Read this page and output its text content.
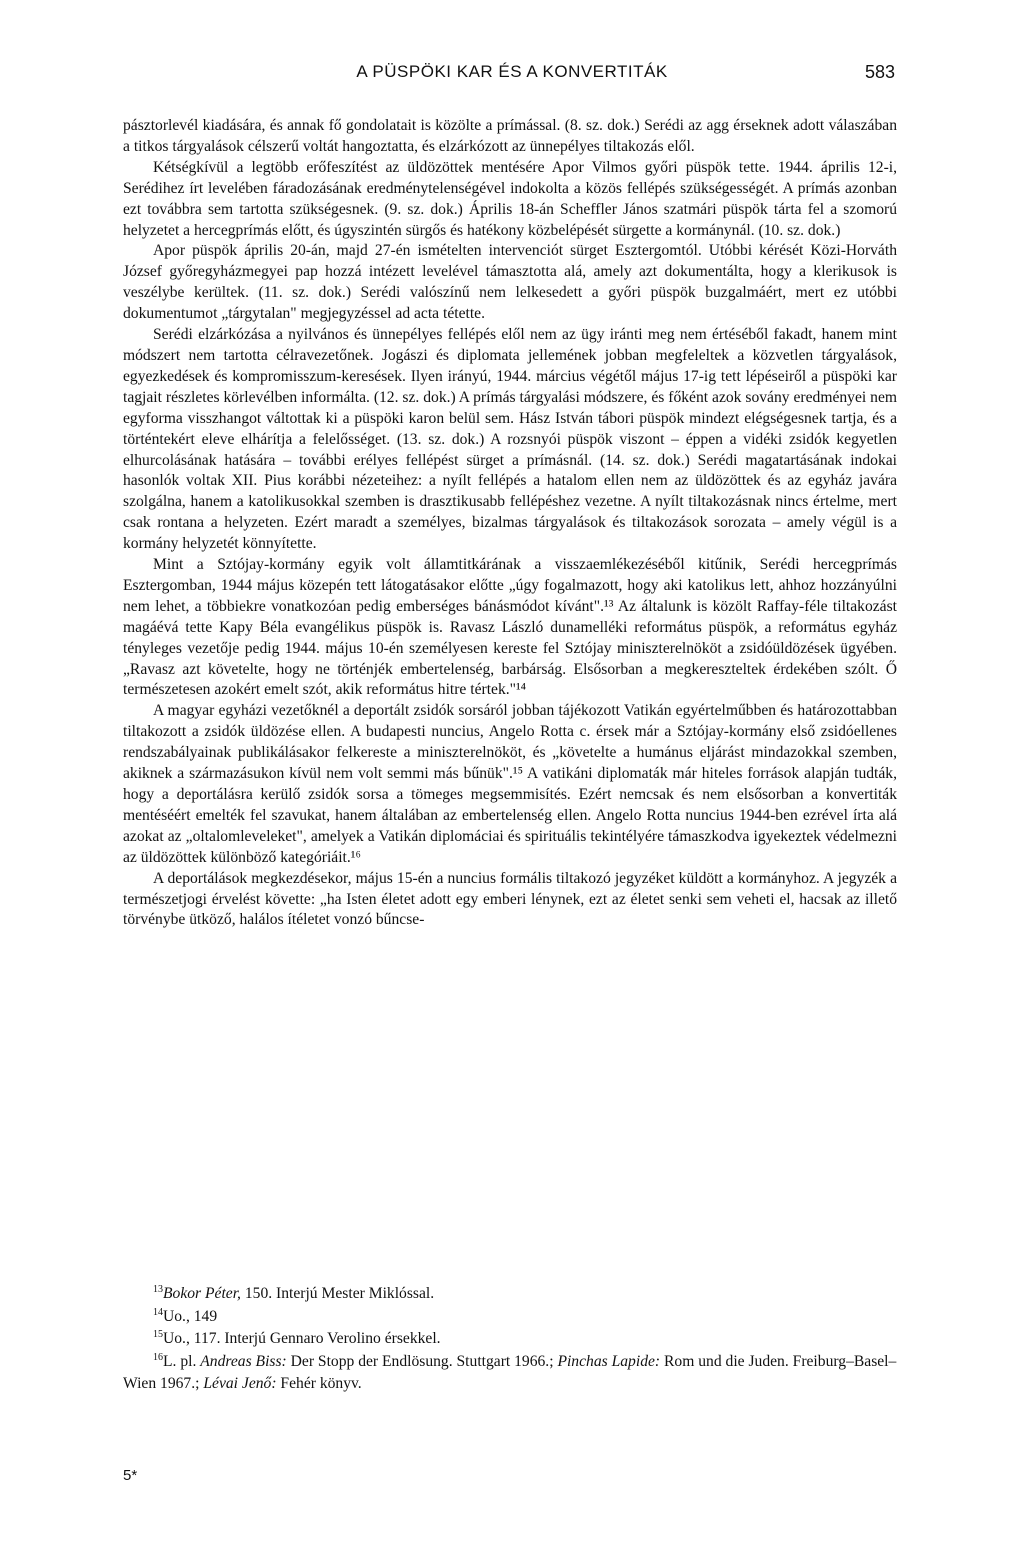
A PÜSPÖKI KAR ÉS A KONVERTITÁK	583

pásztorlevél kiadására, és annak fő gondolatait is közölte a prímással. (8. sz. dok.) Serédi az agg érseknek adott válaszában a titkos tárgyalások célszerű voltát hangoztatta, és elzárkózott az ünnepélyes tiltakozás elől.

Kétségkívül a legtöbb erőfeszítést az üldözöttek mentésére Apor Vilmos győri püspök tette. 1944. április 12-i, Serédihez írt levelében fáradozásának eredménytelenségével indokolta a közös fellépés szükségességét. A prímás azonban ezt továbbra sem tartotta szükségesnek. (9. sz. dok.) Április 18-án Scheffler János szatmári püspök tárta fel a szomorú helyzetet a hercegprímás előtt, és úgyszintén sürgős és hatékony közbelépését sürgette a kormánynál. (10. sz. dok.)

Apor püspök április 20-án, majd 27-én ismételten intervenciót sürget Esztergomtól. Utóbbi kérését Közi-Horváth József győregyházmegyei pap hozzá intézett levelével támasztotta alá, amely azt dokumentálta, hogy a klerikusok is veszélybe kerültek. (11. sz. dok.) Serédi valószínű nem lelkesedett a győri püspök buzgalmáért, mert ez utóbbi dokumentumot „tárgytalan" megjegyzéssel ad acta tétette.

Serédi elzárkózása a nyilvános és ünnepélyes fellépés elől nem az ügy iránti meg nem értéséből fakadt, hanem mint módszert nem tartotta célravezetőnek. Jogászi és diplomata jellemének jobban megfeleltek a közvetlen tárgyalások, egyezkedések és kompromisszum-keresések. Ilyen irányú, 1944. március végétől május 17-ig tett lépéseiről a püspöki kar tagjait részletes körlevélben informálta. (12. sz. dok.) A prímás tárgyalási módszere, és főként azok sovány eredményei nem egyforma visszhangot váltottak ki a püspöki karon belül sem. Hász István tábori püspök mindezt elégségesnek tartja, és a történtekért eleve elhárítja a felelősséget. (13. sz. dok.) A rozsnyói püspök viszont – éppen a vidéki zsidók kegyetlen elhurcolásának hatására – további erélyes fellépést sürget a prímásnál. (14. sz. dok.) Serédi magatartásának indokai hasonlók voltak XII. Pius korábbi nézeteihez: a nyílt fellépés a hatalom ellen nem az üldözöttek és az egyház javára szolgálna, hanem a katolikusokkal szemben is drasztikusabb fellépéshez vezetne. A nyílt tiltakozásnak nincs értelme, mert csak rontana a helyzeten. Ezért maradt a személyes, bizalmas tárgyalások és tiltakozások sorozata – amely végül is a kormány helyzetét könnyítette.

Mint a Sztójay-kormány egyik volt államtitkárának a visszaemlékezéséből kitűnik, Serédi hercegprímás Esztergomban, 1944 május közepén tett látogatásakor előtte „úgy fogalmazott, hogy aki katolikus lett, ahhoz hozzányúlni nem lehet, a többiekre vonatkozóan pedig emberséges bánásmódot kívánt".¹³ Az általunk is közölt Raffay-féle tiltakozást magáévá tette Kapy Béla evangélikus püspök is. Ravasz László dunamelléki református püspök, a református egyház tényleges vezetője pedig 1944. május 10-én személyesen kereste fel Sztójay miniszterelnököt a zsidóüldözések ügyében. „Ravasz azt követelte, hogy ne történjék embertelenség, barbárság. Elsősorban a megkereszteltek érdekében szólt. Ő természetesen azokért emelt szót, akik református hitre tértek."¹⁴

A magyar egyházi vezetőknél a deportált zsidók sorsáról jobban tájékozott Vatikán egyértelműbben és határozottabban tiltakozott a zsidók üldözése ellen. A budapesti nuncius, Angelo Rotta c. érsek már a Sztójay-kormány első zsidóellenes rendszabályainak publikálásakor felkereste a miniszterelnököt, és „követelte a humánus eljárást mindazokkal szemben, akiknek a származásukon kívül nem volt semmi más bűnük".¹⁵ A vatikáni diplomaták már hiteles források alapján tudták, hogy a deportálásra kerülő zsidók sorsa a tömeges megsemmisítés. Ezért nemcsak és nem elsősorban a konvertiták mentéséért emelték fel szavukat, hanem általában az embertelenség ellen. Angelo Rotta nuncius 1944-ben ezrével írta alá azokat az „oltalomleveleket", amelyek a Vatikán diplomáciai és spirituális tekintélyére támaszkodva igyekeztek védelmezni az üldözöttek különböző kategóriáit.¹⁶

A deportálások megkezdésekor, május 15-én a nuncius formális tiltakozó jegyzéket küldött a kormányhoz. A jegyzék a természetjogi érvelést követte: „ha Isten életet adott egy emberi lénynek, ezt az életet senki sem veheti el, hacsak az illető törvénybe ütköző, halálos ítéletet vonzó bűncse-

$^{13}$Bokor Péter, 150. Interjú Mester Miklóssal.

$^{14}$Uo., 149

$^{15}$Uo., 117. Interjú Gennaro Verolino érsekkel.

$^{16}$L. pl. Andreas Biss: Der Stopp der Endlösung. Stuttgart 1966.; Pinchas Lapide: Rom und die Juden. Freiburg–Basel–Wien 1967.; Lévai Jenő: Fehér könyv.

5*
